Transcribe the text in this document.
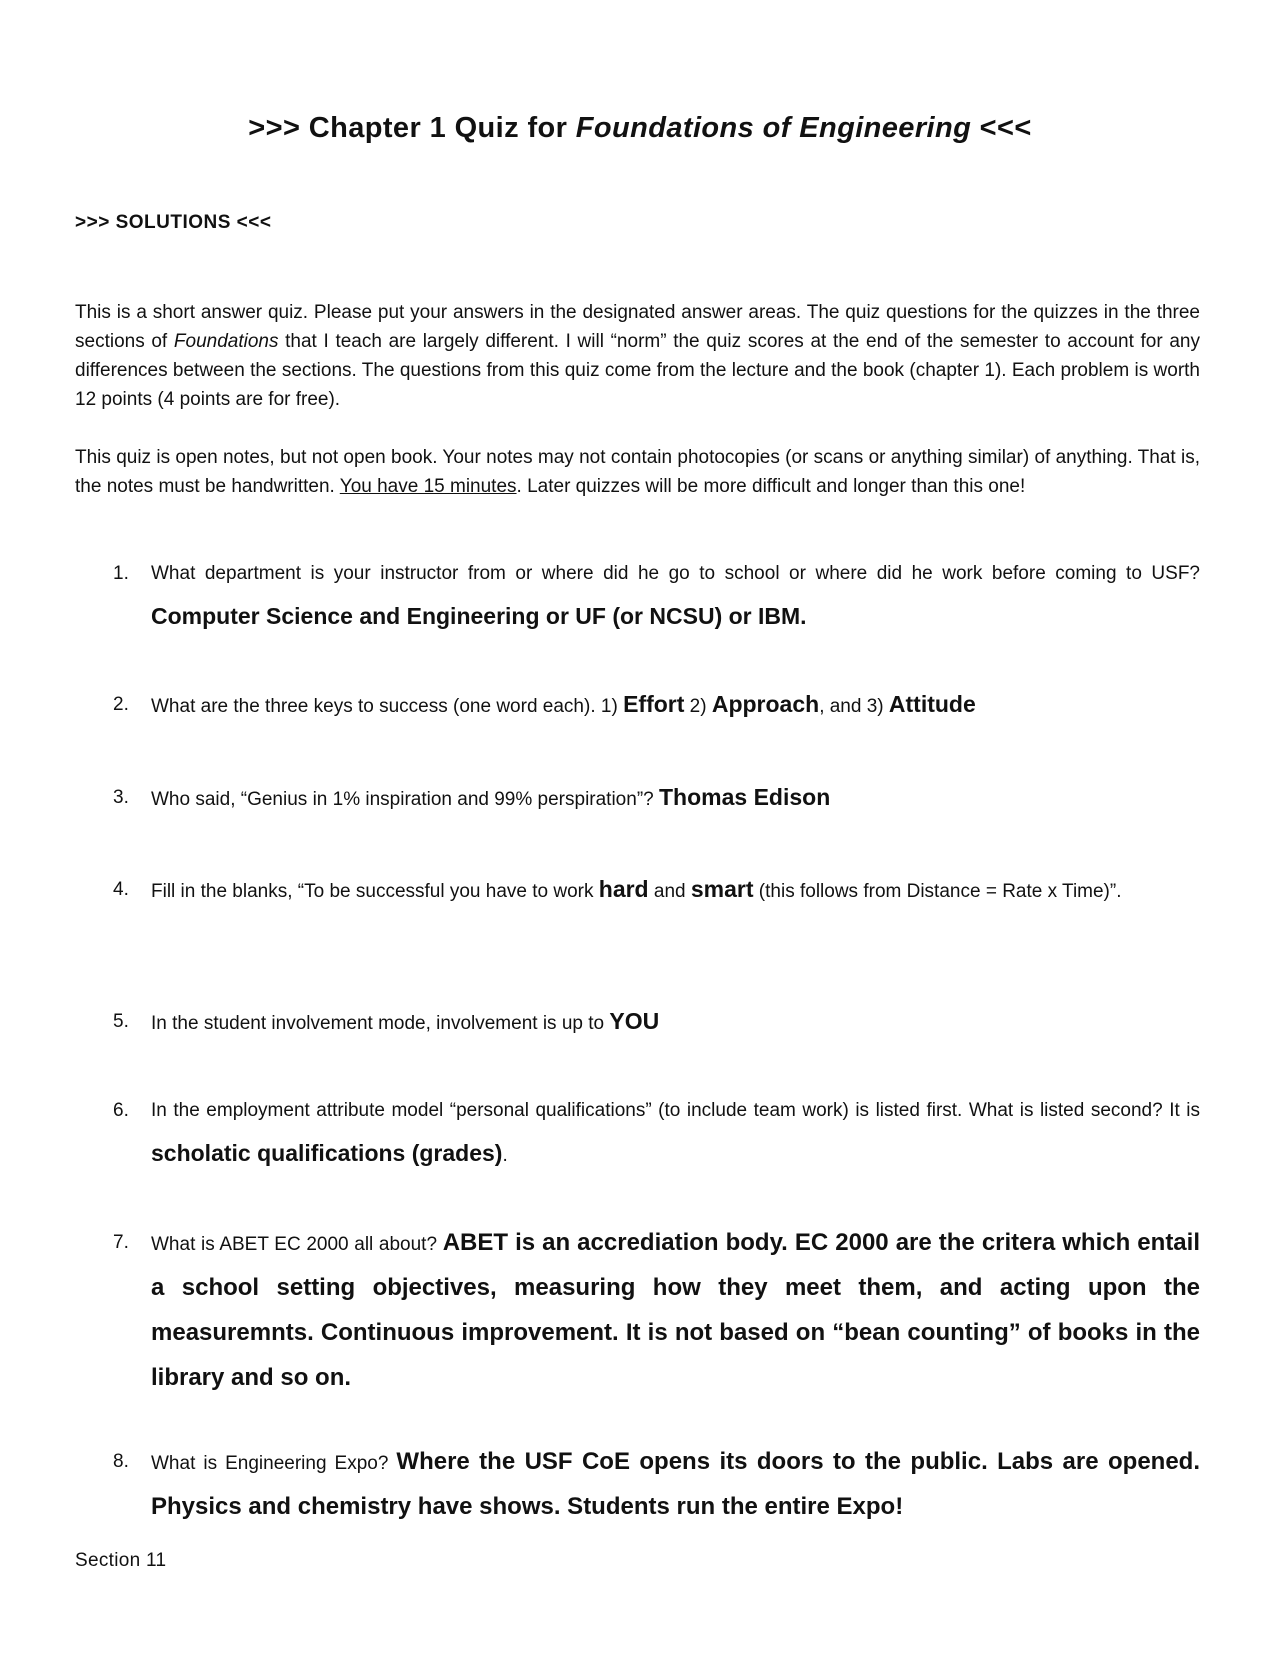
>>> Chapter 1 Quiz for Foundations of Engineering <<<
>>> SOLUTIONS <<<
This is a short answer quiz. Please put your answers in the designated answer areas. The quiz questions for the quizzes in the three sections of Foundations that I teach are largely different. I will “norm” the quiz scores at the end of the semester to account for any differences between the sections. The questions from this quiz come from the lecture and the book (chapter 1). Each problem is worth 12 points (4 points are for free).
This quiz is open notes, but not open book. Your notes may not contain photocopies (or scans or anything similar) of anything. That is, the notes must be handwritten. You have 15 minutes. Later quizzes will be more difficult and longer than this one!
1. What department is your instructor from or where did he go to school or where did he work before coming to USF? Computer Science and Engineering or UF (or NCSU) or IBM.
2. What are the three keys to success (one word each). 1) Effort 2) Approach, and 3) Attitude
3. Who said, “Genius in 1% inspiration and 99% perspiration”? Thomas Edison
4. Fill in the blanks, “To be successful you have to work hard and smart (this follows from Distance = Rate x Time)”.
5. In the student involvement mode, involvement is up to YOU
6. In the employment attribute model “personal qualifications” (to include team work) is listed first. What is listed second? It is scholatic qualifications (grades).
7. What is ABET EC 2000 all about? ABET is an accrediation body. EC 2000 are the critera which entail a school setting objectives, measuring how they meet them, and acting upon the measuremnts. Continuous improvement. It is not based on “bean counting” of books in the library and so on.
8. What is Engineering Expo? Where the USF CoE opens its doors to the public. Labs are opened. Physics and chemistry have shows. Students run the entire Expo!
Section 11
